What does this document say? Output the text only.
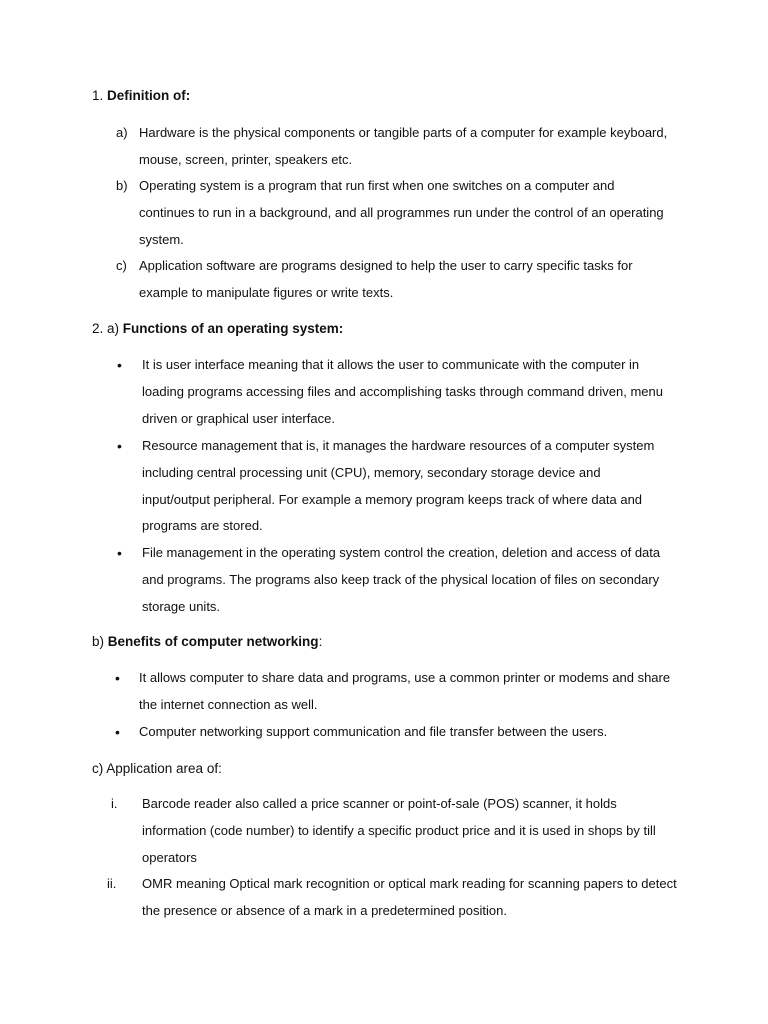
1. Definition of:
a) Hardware is the physical components or tangible parts of a computer for example keyboard, mouse, screen, printer, speakers etc.
b) Operating system is a program that run first when one switches on a computer and continues to run in a background, and all programmes run under the control of an operating system.
c) Application software are programs designed to help the user to carry specific tasks for example to manipulate figures or write texts.
2. a) Functions of an operating system:
• It is user interface meaning that it allows the user to communicate with the computer in loading programs accessing files and accomplishing tasks through command driven, menu driven or graphical user interface.
• Resource management that is, it manages the hardware resources of a computer system including central processing unit (CPU), memory, secondary storage device and input/output peripheral. For example a memory program keeps track of where data and programs are stored.
• File management in the operating system control the creation, deletion and access of data and programs. The programs also keep track of the physical location of files on secondary storage units.
b) Benefits of computer networking:
• It allows computer to share data and programs, use a common printer or modems and share the internet connection as well.
• Computer networking support communication and file transfer between the users.
c) Application area of:
i. Barcode reader also called a price scanner or point-of-sale (POS) scanner, it holds information (code number) to identify a specific product price and it is used in shops by till operators
ii. OMR meaning Optical mark recognition or optical mark reading for scanning papers to detect the presence or absence of a mark in a predetermined position.
